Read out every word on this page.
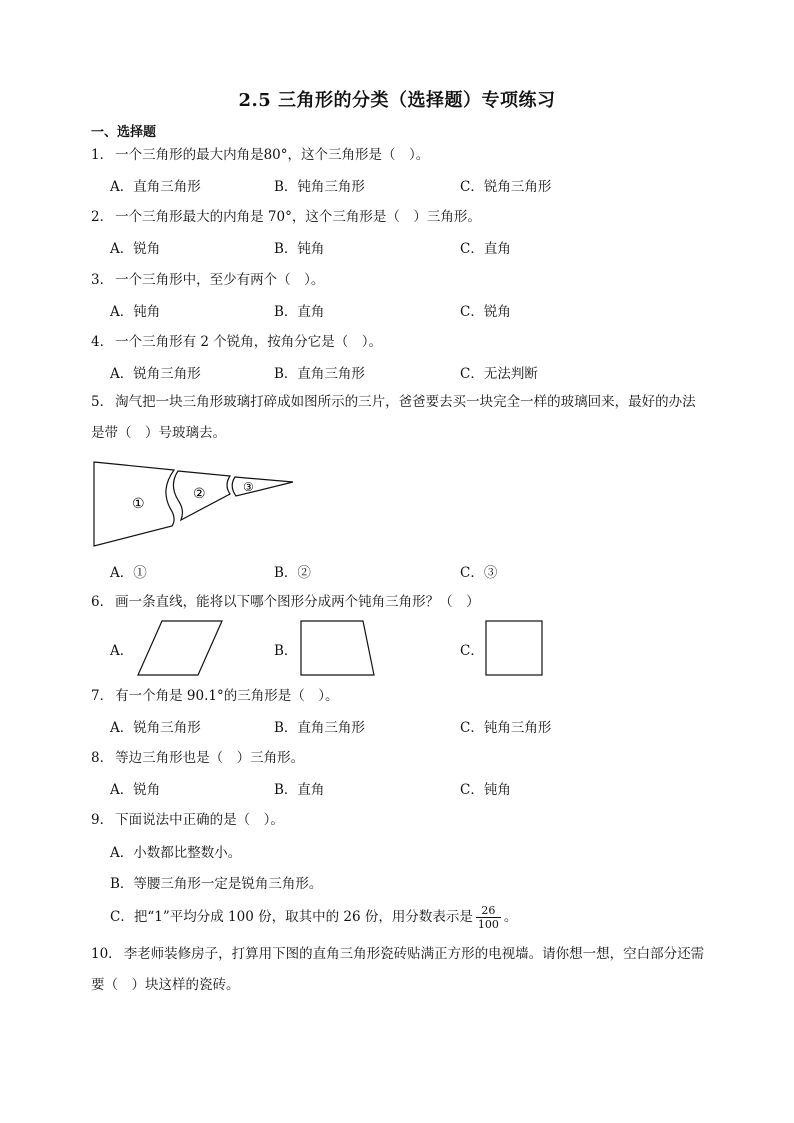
2.5 三角形的分类（选择题）专项练习
一、选择题
1． 一个三角形的最大内角是80°，这个三角形是（　）。
A．直角三角形	B．钝角三角形	C．锐角三角形
2． 一个三角形最大的内角是 70°，这个三角形是（　）三角形。
A．锐角	B．钝角	C．直角
3． 一个三角形中，至少有两个（　）。
A．钝角	B．直角	C．锐角
4． 一个三角形有 2 个锐角，按角分它是（　）。
A．锐角三角形	B．直角三角形	C．无法判断
5． 淘气把一块三角形玻璃打碎成如图所示的三片，爸爸要去买一块完全一样的玻璃回来，最好的办法是带（　）号玻璃去。
①
②	③
A．①	B．②	C．③
6． 画一条直线，能将以下哪个图形分成两个钝角三角形？（　）
A．	B．	C．
7． 有一个角是 90.1°的三角形是（　）。
A．锐角三角形	B．直角三角形	C．钝角三角形
8． 等边三角形也是（　）三角形。
A．锐角	B．直角	C．钝角
9． 下面说法中正确的是（　）。
A．小数都比整数小。
B．等腰三角形一定是锐角三角形。
C．把“1”平均分成 100 份，取其中的 26 份，用分数表示是 $\frac{26}{100}$ 。
10． 李老师装修房子，打算用下图的直角三角形瓷砖贴满正方形的电视墙。请你想一想，空白部分还需要（　）块这样的瓷砖。
